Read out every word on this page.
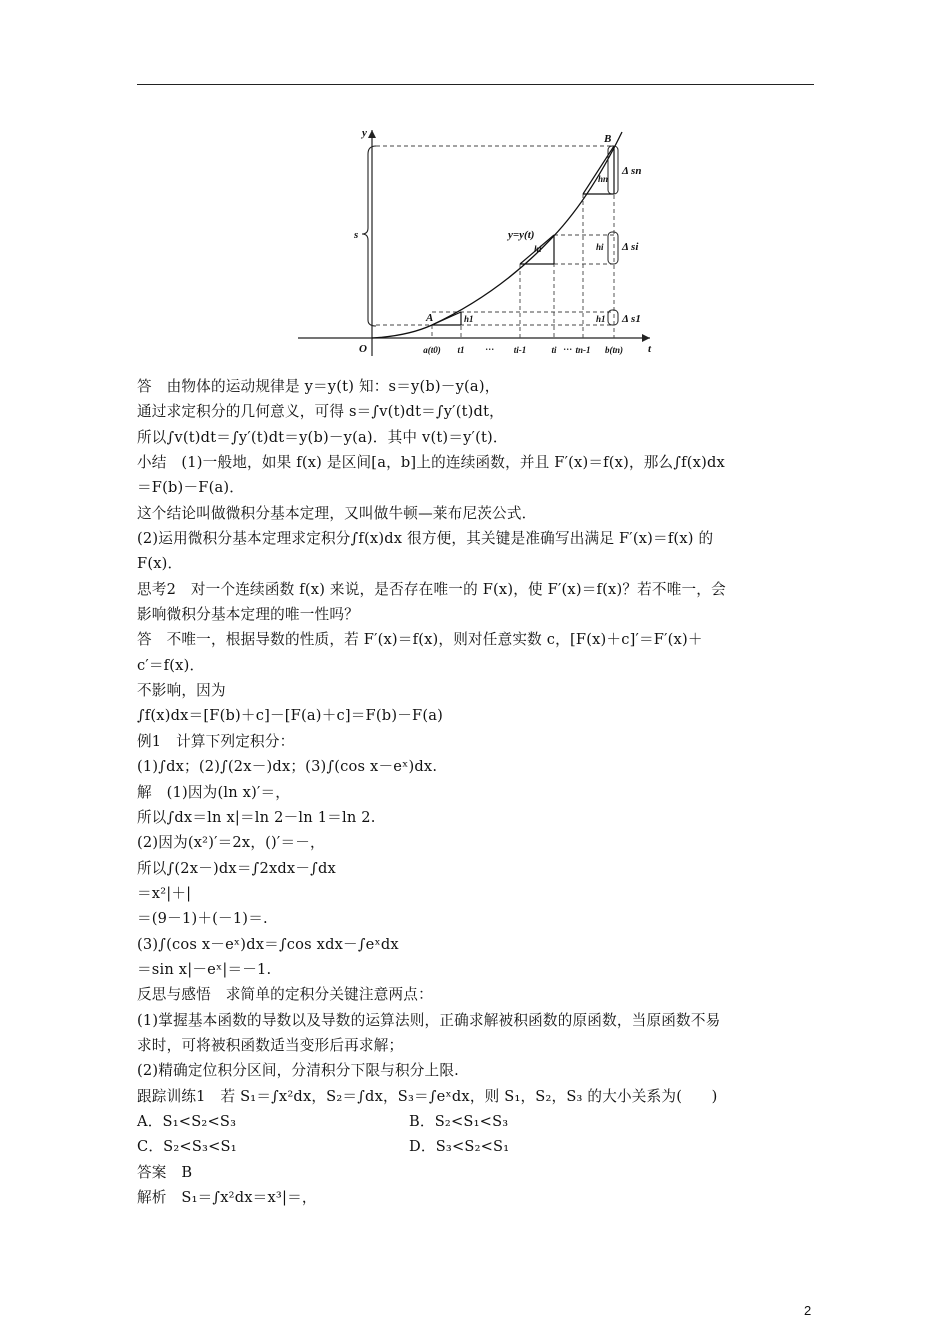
y
t
O
s	y=y(t)
A
B
Δ sn
Δ si
Δ s1
hn
hi	hi
h1	h1
a(t0) t1 … ti-1	ti … tn-1 b(tn)
答　由物体的运动规律是 y＝y(t) 知：s＝y(b)－y(a)，
通过求定积分的几何意义，可得 s＝∫v(t)dt＝∫y′(t)dt，
所以∫v(t)dt＝∫y′(t)dt＝y(b)－y(a)．其中 v(t)＝y′(t)．
小结　(1)一般地，如果 f(x) 是区间[a，b]上的连续函数，并且 F′(x)＝f(x)，那么∫f(x)dx
＝F(b)－F(a)．
这个结论叫做微积分基本定理，又叫做牛顿—莱布尼茨公式．
(2)运用微积分基本定理求定积分∫f(x)dx 很方便，其关键是准确写出满足 F′(x)＝f(x) 的
F(x)．
思考2　对一个连续函数 f(x) 来说，是否存在唯一的 F(x)，使 F′(x)＝f(x)？若不唯一，会
影响微积分基本定理的唯一性吗？
答　不唯一，根据导数的性质，若 F′(x)＝f(x)，则对任意实数 c，[F(x)＋c]′＝F′(x)＋
c′＝f(x)．
不影响，因为
∫f(x)dx＝[F(b)＋c]－[F(a)＋c]＝F(b)－F(a)
例1　计算下列定积分：
(1)∫dx；(2)∫(2x－)dx；(3)∫(cos x－eˣ)dx.
解　(1)因为(ln x)′＝，
所以∫dx＝ln x|＝ln 2－ln 1＝ln 2.
(2)因为(x²)′＝2x，()′＝－，
所以∫(2x－)dx＝∫2xdx－∫dx
＝x²|＋|
＝(9－1)＋(－1)＝.
(3)∫(cos x－eˣ)dx＝∫cos xdx－∫eˣdx
＝sin x|－eˣ|＝－1.
反思与感悟　求简单的定积分关键注意两点：
(1)掌握基本函数的导数以及导数的运算法则，正确求解被积函数的原函数，当原函数不易
求时，可将被积函数适当变形后再求解；
(2)精确定位积分区间，分清积分下限与积分上限.
跟踪训练1　若 S₁＝∫x²dx，S₂＝∫dx，S₃＝∫eˣdx，则 S₁，S₂，S₃ 的大小关系为(　　)
A．S₁<S₂<S₃	B．S₂<S₁<S₃
C．S₂<S₃<S₁	D．S₃<S₂<S₁
答案　B
解析　S₁＝∫x²dx＝x³|＝，
2
